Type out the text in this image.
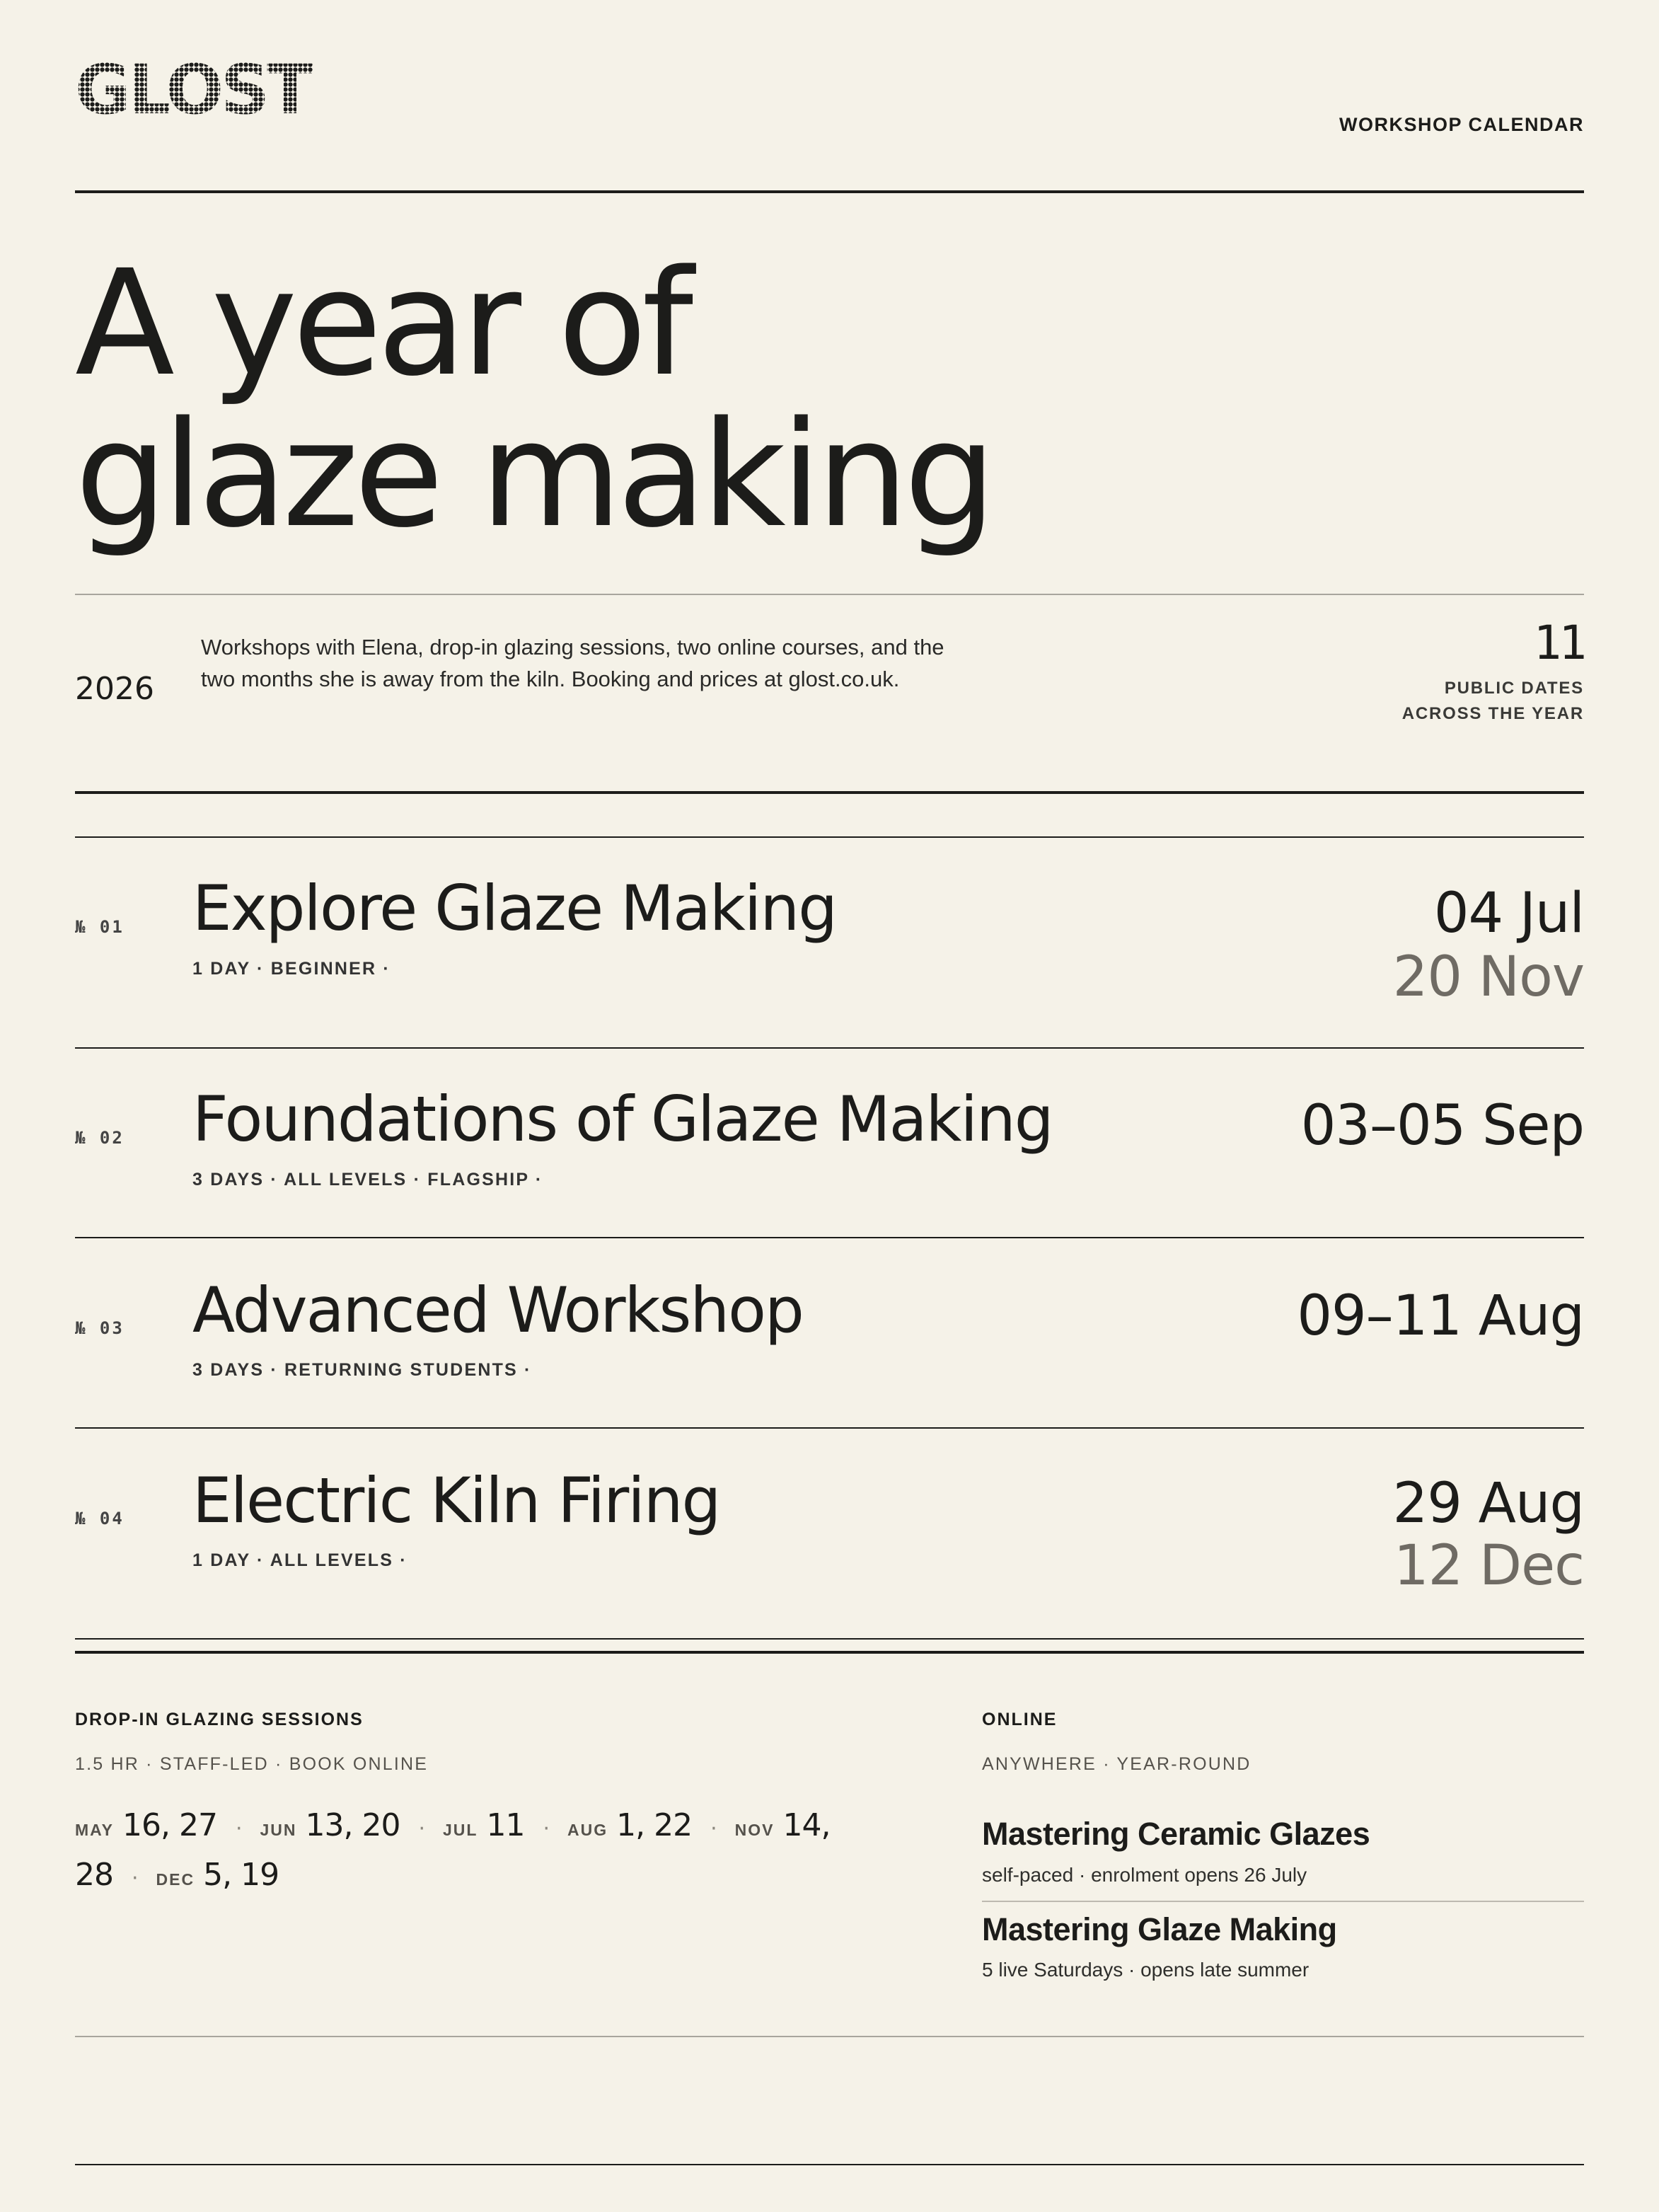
GLOST	WORKSHOP CALENDAR
A year of
glaze making
2026
Workshops with Elena, drop-in glazing sessions, two online courses, and the two months she is away from the kiln. Booking and prices at glost.co.uk.
11
PUBLIC DATES
ACROSS THE YEAR
№ 01 Explore Glaze Making
1 DAY · BEGINNER ·
04 Jul
20 Nov
№ 02 Foundations of Glaze Making
3 DAYS · ALL LEVELS · FLAGSHIP ·
03–05 Sep
№ 03 Advanced Workshop
3 DAYS · RETURNING STUDENTS ·
09–11 Aug
№ 04 Electric Kiln Firing
1 DAY · ALL LEVELS ·
29 Aug
12 Dec
DROP-IN GLAZING SESSIONS
1.5 HR · STAFF-LED · BOOK ONLINE
MAY 16, 27 · JUN 13, 20 · JUL 11 · AUG 1, 22 · NOV 14, 28 · DEC 5, 19
ONLINE
ANYWHERE · YEAR-ROUND
Mastering Ceramic Glazes
self-paced · enrolment opens 26 July
Mastering Glaze Making
5 live Saturdays · opens late summer
